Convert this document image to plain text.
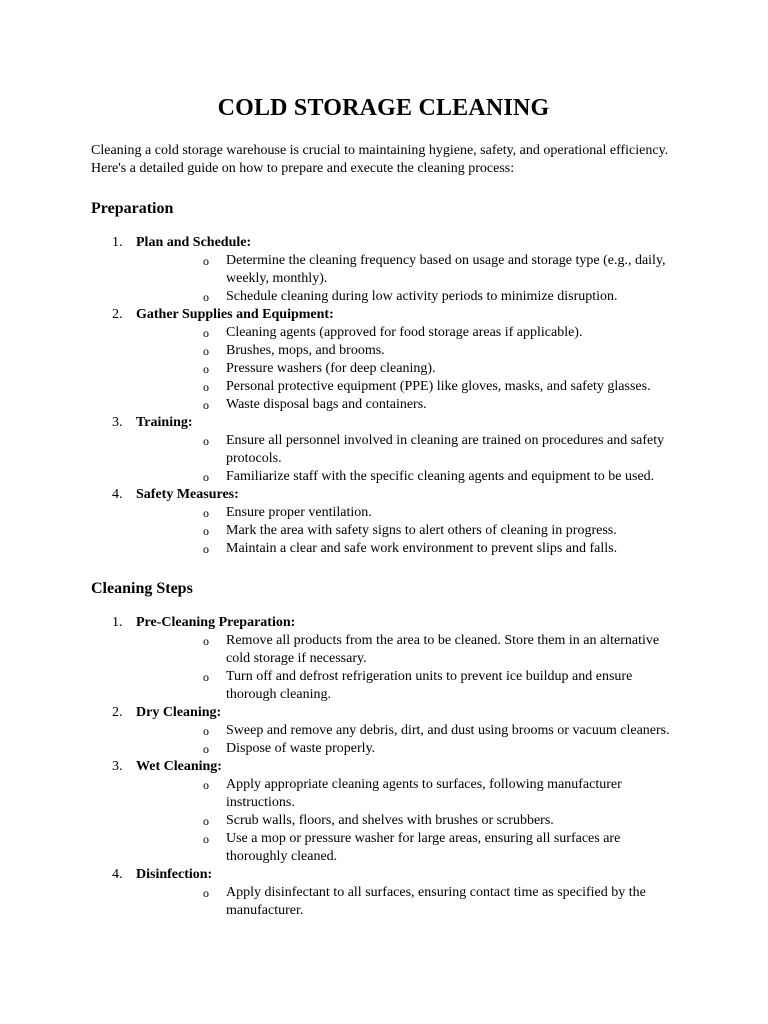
COLD STORAGE CLEANING

Cleaning a cold storage warehouse is crucial to maintaining hygiene, safety, and operational efficiency. Here's a detailed guide on how to prepare and execute the cleaning process:

Preparation
1. Plan and Schedule:
o Determine the cleaning frequency based on usage and storage type (e.g., daily, weekly, monthly).
o Schedule cleaning during low activity periods to minimize disruption.
2. Gather Supplies and Equipment:
o Cleaning agents (approved for food storage areas if applicable).
o Brushes, mops, and brooms.
o Pressure washers (for deep cleaning).
o Personal protective equipment (PPE) like gloves, masks, and safety glasses.
o Waste disposal bags and containers.
3. Training:
o Ensure all personnel involved in cleaning are trained on procedures and safety protocols.
o Familiarize staff with the specific cleaning agents and equipment to be used.
4. Safety Measures:
o Ensure proper ventilation.
o Mark the area with safety signs to alert others of cleaning in progress.
o Maintain a clear and safe work environment to prevent slips and falls.
Cleaning Steps
1. Pre-Cleaning Preparation:
o Remove all products from the area to be cleaned. Store them in an alternative cold storage if necessary.
o Turn off and defrost refrigeration units to prevent ice buildup and ensure thorough cleaning.
2. Dry Cleaning:
o Sweep and remove any debris, dirt, and dust using brooms or vacuum cleaners.
o Dispose of waste properly.
3. Wet Cleaning:
o Apply appropriate cleaning agents to surfaces, following manufacturer instructions.
o Scrub walls, floors, and shelves with brushes or scrubbers.
o Use a mop or pressure washer for large areas, ensuring all surfaces are thoroughly cleaned.
4. Disinfection:
o Apply disinfectant to all surfaces, ensuring contact time as specified by the manufacturer.
